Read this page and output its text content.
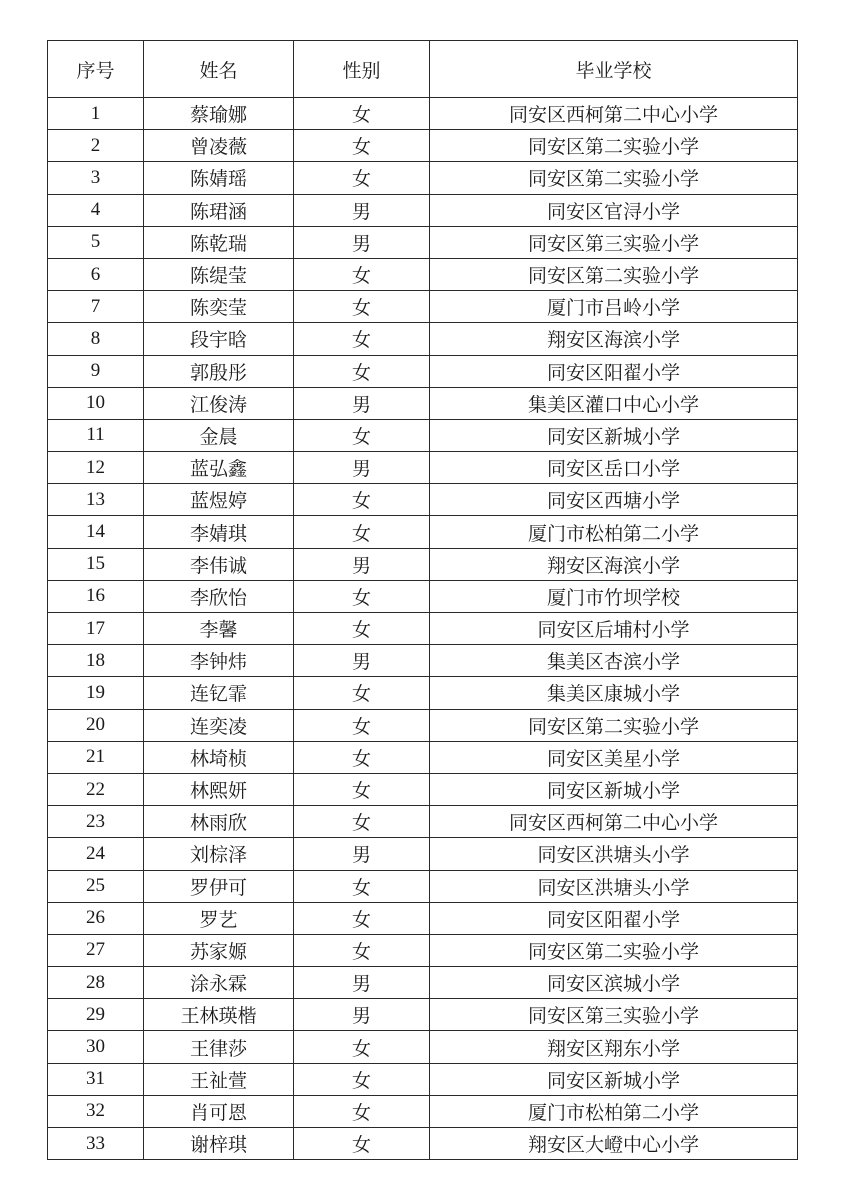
序号	姓名	性别	毕业学校
1	蔡瑜娜	女	同安区西柯第二中心小学
2	曾凌薇	女	同安区第二实验小学
3	陈婧瑶	女	同安区第二实验小学
4	陈珺涵	男	同安区官浔小学
5	陈乾瑞	男	同安区第三实验小学
6	陈缇莹	女	同安区第二实验小学
7	陈奕莹	女	厦门市吕岭小学
8	段宇晗	女	翔安区海滨小学
9	郭殷彤	女	同安区阳翟小学
10	江俊涛	男	集美区灌口中心小学
11	金晨	女	同安区新城小学
12	蓝弘鑫	男	同安区岳口小学
13	蓝煜婷	女	同安区西塘小学
14	李婧琪	女	厦门市松柏第二小学
15	李伟诚	男	翔安区海滨小学
16	李欣怡	女	厦门市竹坝学校
17	李馨	女	同安区后埔村小学
18	李钟炜	男	集美区杏滨小学
19	连钇霏	女	集美区康城小学
20	连奕凌	女	同安区第二实验小学
21	林埼桢	女	同安区美星小学
22	林熙妍	女	同安区新城小学
23	林雨欣	女	同安区西柯第二中心小学
24	刘棕泽	男	同安区洪塘头小学
25	罗伊可	女	同安区洪塘头小学
26	罗艺	女	同安区阳翟小学
27	苏家嫄	女	同安区第二实验小学
28	涂永霖	男	同安区滨城小学
29	王林瑛楷	男	同安区第三实验小学
30	王律莎	女	翔安区翔东小学
31	王祉萱	女	同安区新城小学
32	肖可恩	女	厦门市松柏第二小学
33	谢梓琪	女	翔安区大嶝中心小学
